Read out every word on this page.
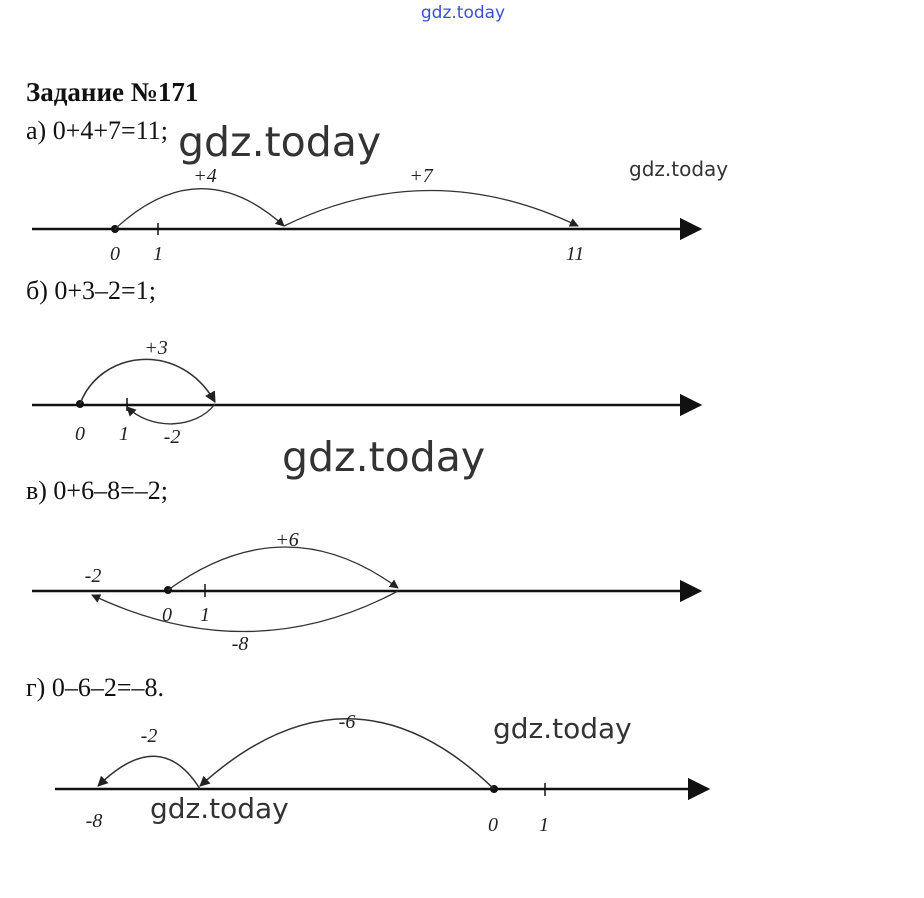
gdz.today
Задание №171
а) 0+4+7=11;
+4	+7
0 1	11
б) 0+3–2=1;
+3
-2
0 1
в) 0+6–8=–2;
+6
-8
-2
0 1
г) 0–6–2=–8.
-6
-2
-8	0 1
gdz.today
gdz.today
gdz.today
gdz.today
gdz.today
